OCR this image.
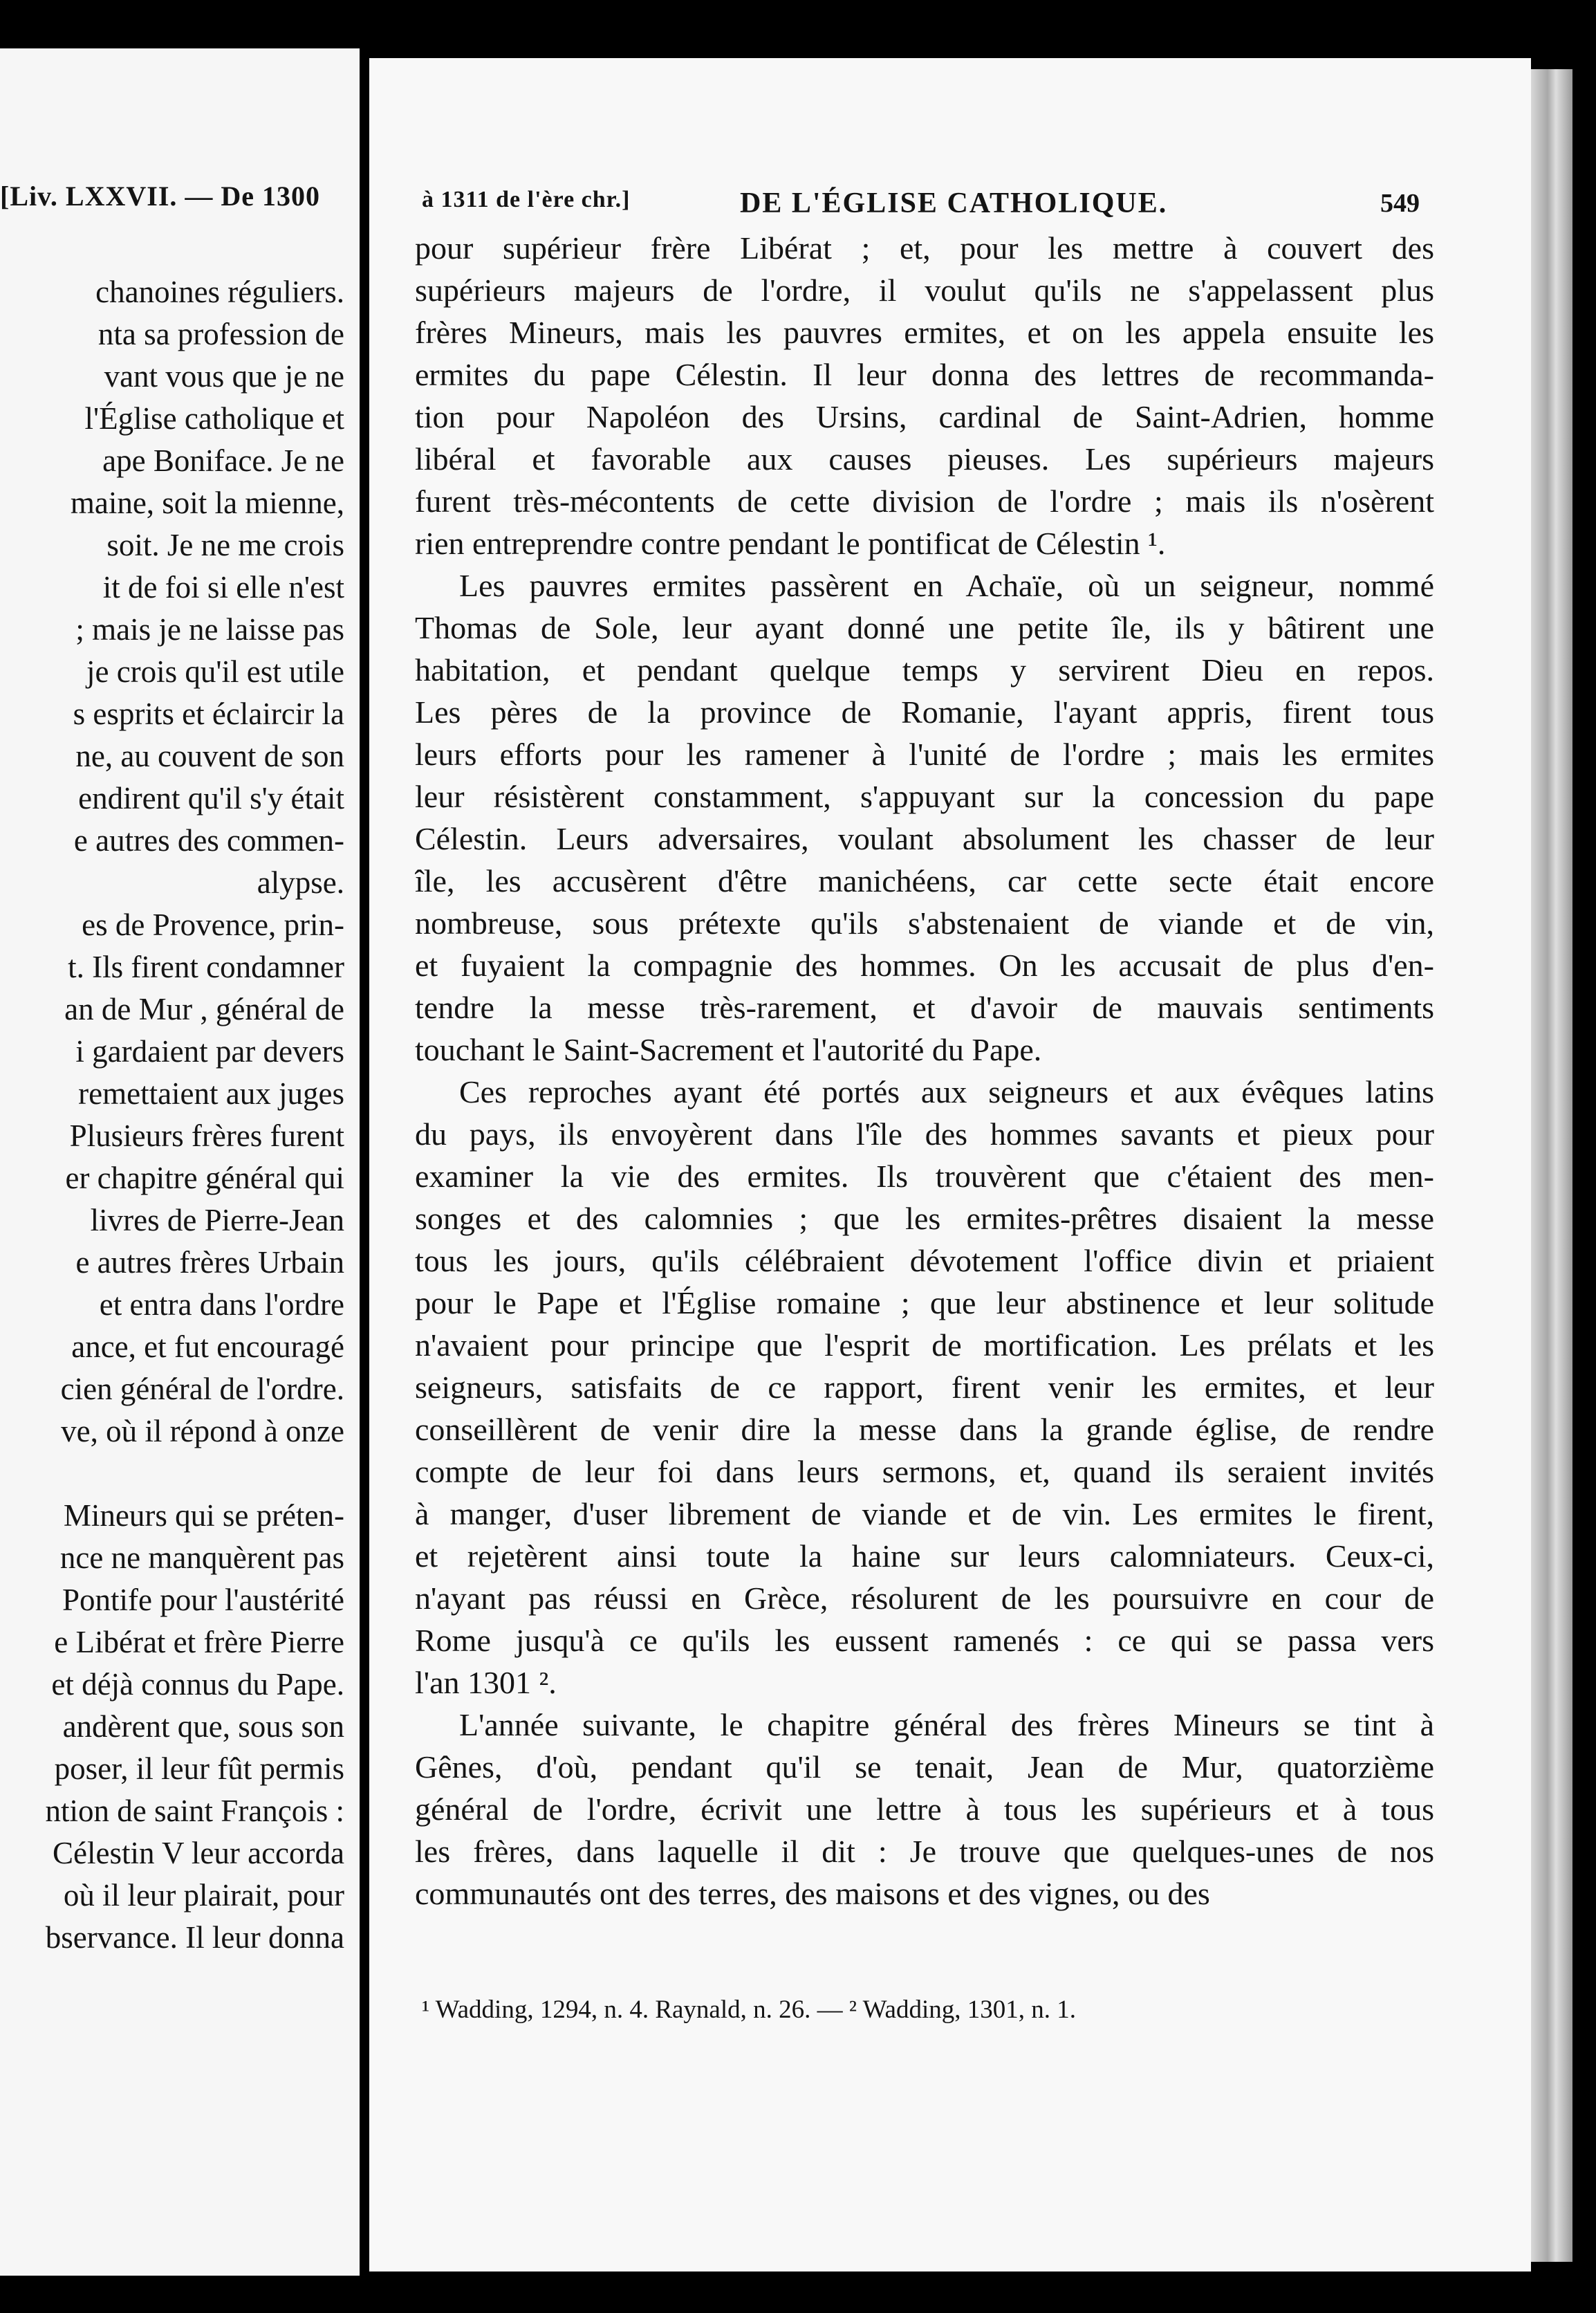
[Liv. LXXVII. — De 1300
chanoines réguliers.
nta sa profession de
vant vous que je ne
l'Église catholique et
ape Boniface. Je ne
maine, soit la mienne,
soit. Je ne me crois
it de foi si elle n'est
; mais je ne laisse pas
je crois qu'il est utile
s esprits et éclaircir la
ne, au couvent de son
endirent qu'il s'y était
e autres des commen-
alypse.
es de Provence, prin-
t. Ils firent condamner
an de Mur , général de
i gardaient par devers
remettaient aux juges
Plusieurs frères furent
er chapitre général qui
livres de Pierre-Jean
e autres frères Urbain
et entra dans l'ordre
ance, et fut encouragé
cien général de l'ordre.
ve, où il répond à onze
Mineurs qui se préten-
nce ne manquèrent pas
Pontife pour l'austérité
e Libérat et frère Pierre
et déjà connus du Pape.
andèrent que, sous son
poser, il leur fût permis
ntion de saint François :
Célestin V leur accorda
où il leur plairait, pour
bservance. Il leur donna
à 1311 de l'ère chr.]	DE L'ÉGLISE CATHOLIQUE.	549
pour supérieur frère Libérat ; et, pour les mettre à couvert des
supérieurs majeurs de l'ordre, il voulut qu'ils ne s'appelassent plus
frères Mineurs, mais les pauvres ermites, et on les appela ensuite les
ermites du pape Célestin. Il leur donna des lettres de recommanda-
tion pour Napoléon des Ursins, cardinal de Saint-Adrien, homme
libéral et favorable aux causes pieuses. Les supérieurs majeurs
furent très-mécontents de cette division de l'ordre ; mais ils n'osèrent
rien entreprendre contre pendant le pontificat de Célestin ¹.
Les pauvres ermites passèrent en Achaïe, où un seigneur, nommé
Thomas de Sole, leur ayant donné une petite île, ils y bâtirent une
habitation, et pendant quelque temps y servirent Dieu en repos.
Les pères de la province de Romanie, l'ayant appris, firent tous
leurs efforts pour les ramener à l'unité de l'ordre ; mais les ermites
leur résistèrent constamment, s'appuyant sur la concession du pape
Célestin. Leurs adversaires, voulant absolument les chasser de leur
île, les accusèrent d'être manichéens, car cette secte était encore
nombreuse, sous prétexte qu'ils s'abstenaient de viande et de vin,
et fuyaient la compagnie des hommes. On les accusait de plus d'en-
tendre la messe très-rarement, et d'avoir de mauvais sentiments
touchant le Saint-Sacrement et l'autorité du Pape.
Ces reproches ayant été portés aux seigneurs et aux évêques latins
du pays, ils envoyèrent dans l'île des hommes savants et pieux pour
examiner la vie des ermites. Ils trouvèrent que c'étaient des men-
songes et des calomnies ; que les ermites-prêtres disaient la messe
tous les jours, qu'ils célébraient dévotement l'office divin et priaient
pour le Pape et l'Église romaine ; que leur abstinence et leur solitude
n'avaient pour principe que l'esprit de mortification. Les prélats et les
seigneurs, satisfaits de ce rapport, firent venir les ermites, et leur
conseillèrent de venir dire la messe dans la grande église, de rendre
compte de leur foi dans leurs sermons, et, quand ils seraient invités
à manger, d'user librement de viande et de vin. Les ermites le firent,
et rejetèrent ainsi toute la haine sur leurs calomniateurs. Ceux-ci,
n'ayant pas réussi en Grèce, résolurent de les poursuivre en cour de
Rome jusqu'à ce qu'ils les eussent ramenés : ce qui se passa vers
l'an 1301 ².
L'année suivante, le chapitre général des frères Mineurs se tint à
Gênes, d'où, pendant qu'il se tenait, Jean de Mur, quatorzième
général de l'ordre, écrivit une lettre à tous les supérieurs et à tous
les frères, dans laquelle il dit : Je trouve que quelques-unes de nos
communautés ont des terres, des maisons et des vignes, ou des
¹ Wadding, 1294, n. 4. Raynald, n. 26. — ² Wadding, 1301, n. 1.
